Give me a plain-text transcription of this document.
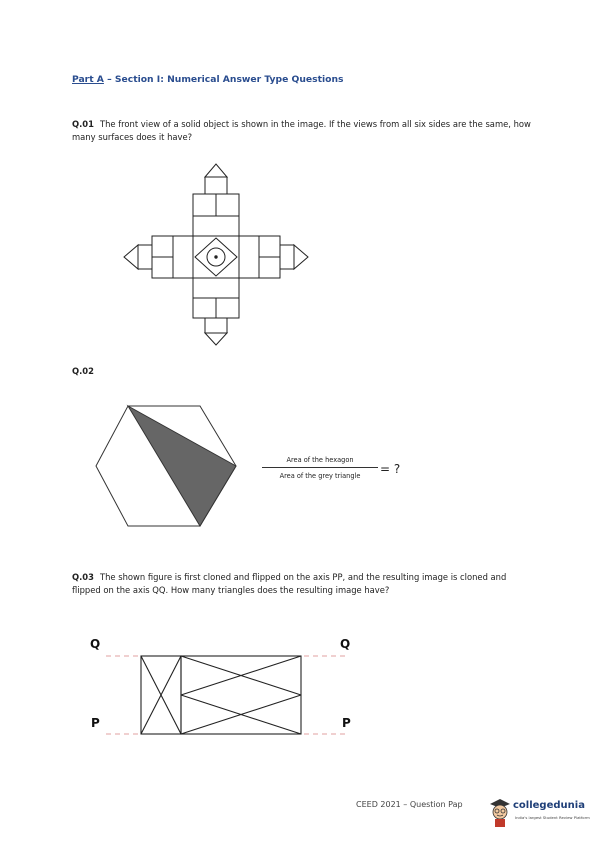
Part A – Section I: Numerical Answer Type Questions
Q.01 The front view of a solid object is shown in the image. If the views from all six sides are the same, how many surfaces does it have?
Q.02
Area of the hexagon
Area of the grey triangle	= ?
Q.03 The shown figure is first cloned and flipped on the axis PP, and the resulting image is cloned and flipped on the axis QQ. How many triangles does the resulting image have?
Q	Q
P	P
CEED 2021 – Question Pap	collegedunia
India's largest Student Review Platform
